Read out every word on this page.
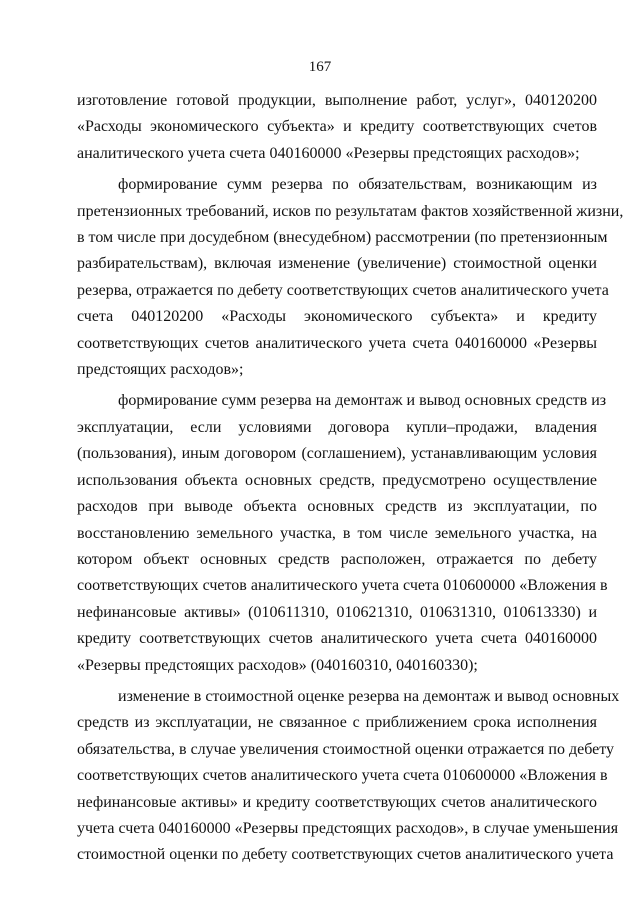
167
изготовление готовой продукции, выполнение работ, услуг», 040120200
«Расходы экономического субъекта» и кредиту соответствующих счетов
аналитического учета счета 040160000 «Резервы предстоящих расходов»;
формирование сумм резерва по обязательствам, возникающим из
претензионных требований, исков по результатам фактов хозяйственной жизни,
в том числе при досудебном (внесудебном) рассмотрении (по претензионным
разбирательствам), включая изменение (увеличение) стоимостной оценки
резерва, отражается по дебету соответствующих счетов аналитического учета
счета 040120200 «Расходы экономического субъекта» и кредиту
соответствующих счетов аналитического учета счета 040160000 «Резервы
предстоящих расходов»;
формирование сумм резерва на демонтаж и вывод основных средств из
эксплуатации, если условиями договора купли–продажи, владения
(пользования), иным договором (соглашением), устанавливающим условия
использования объекта основных средств, предусмотрено осуществление
расходов при выводе объекта основных средств из эксплуатации, по
восстановлению земельного участка, в том числе земельного участка, на
котором объект основных средств расположен, отражается по дебету
соответствующих счетов аналитического учета счета 010600000 «Вложения в
нефинансовые активы» (010611310, 010621310, 010631310, 010613330) и
кредиту соответствующих счетов аналитического учета счета 040160000
«Резервы предстоящих расходов» (040160310, 040160330);
изменение в стоимостной оценке резерва на демонтаж и вывод основных
средств из эксплуатации, не связанное с приближением срока исполнения
обязательства, в случае увеличения стоимостной оценки отражается по дебету
соответствующих счетов аналитического учета счета 010600000 «Вложения в
нефинансовые активы» и кредиту соответствующих счетов аналитического
учета счета 040160000 «Резервы предстоящих расходов», в случае уменьшения
стоимостной оценки по дебету соответствующих счетов аналитического учета
